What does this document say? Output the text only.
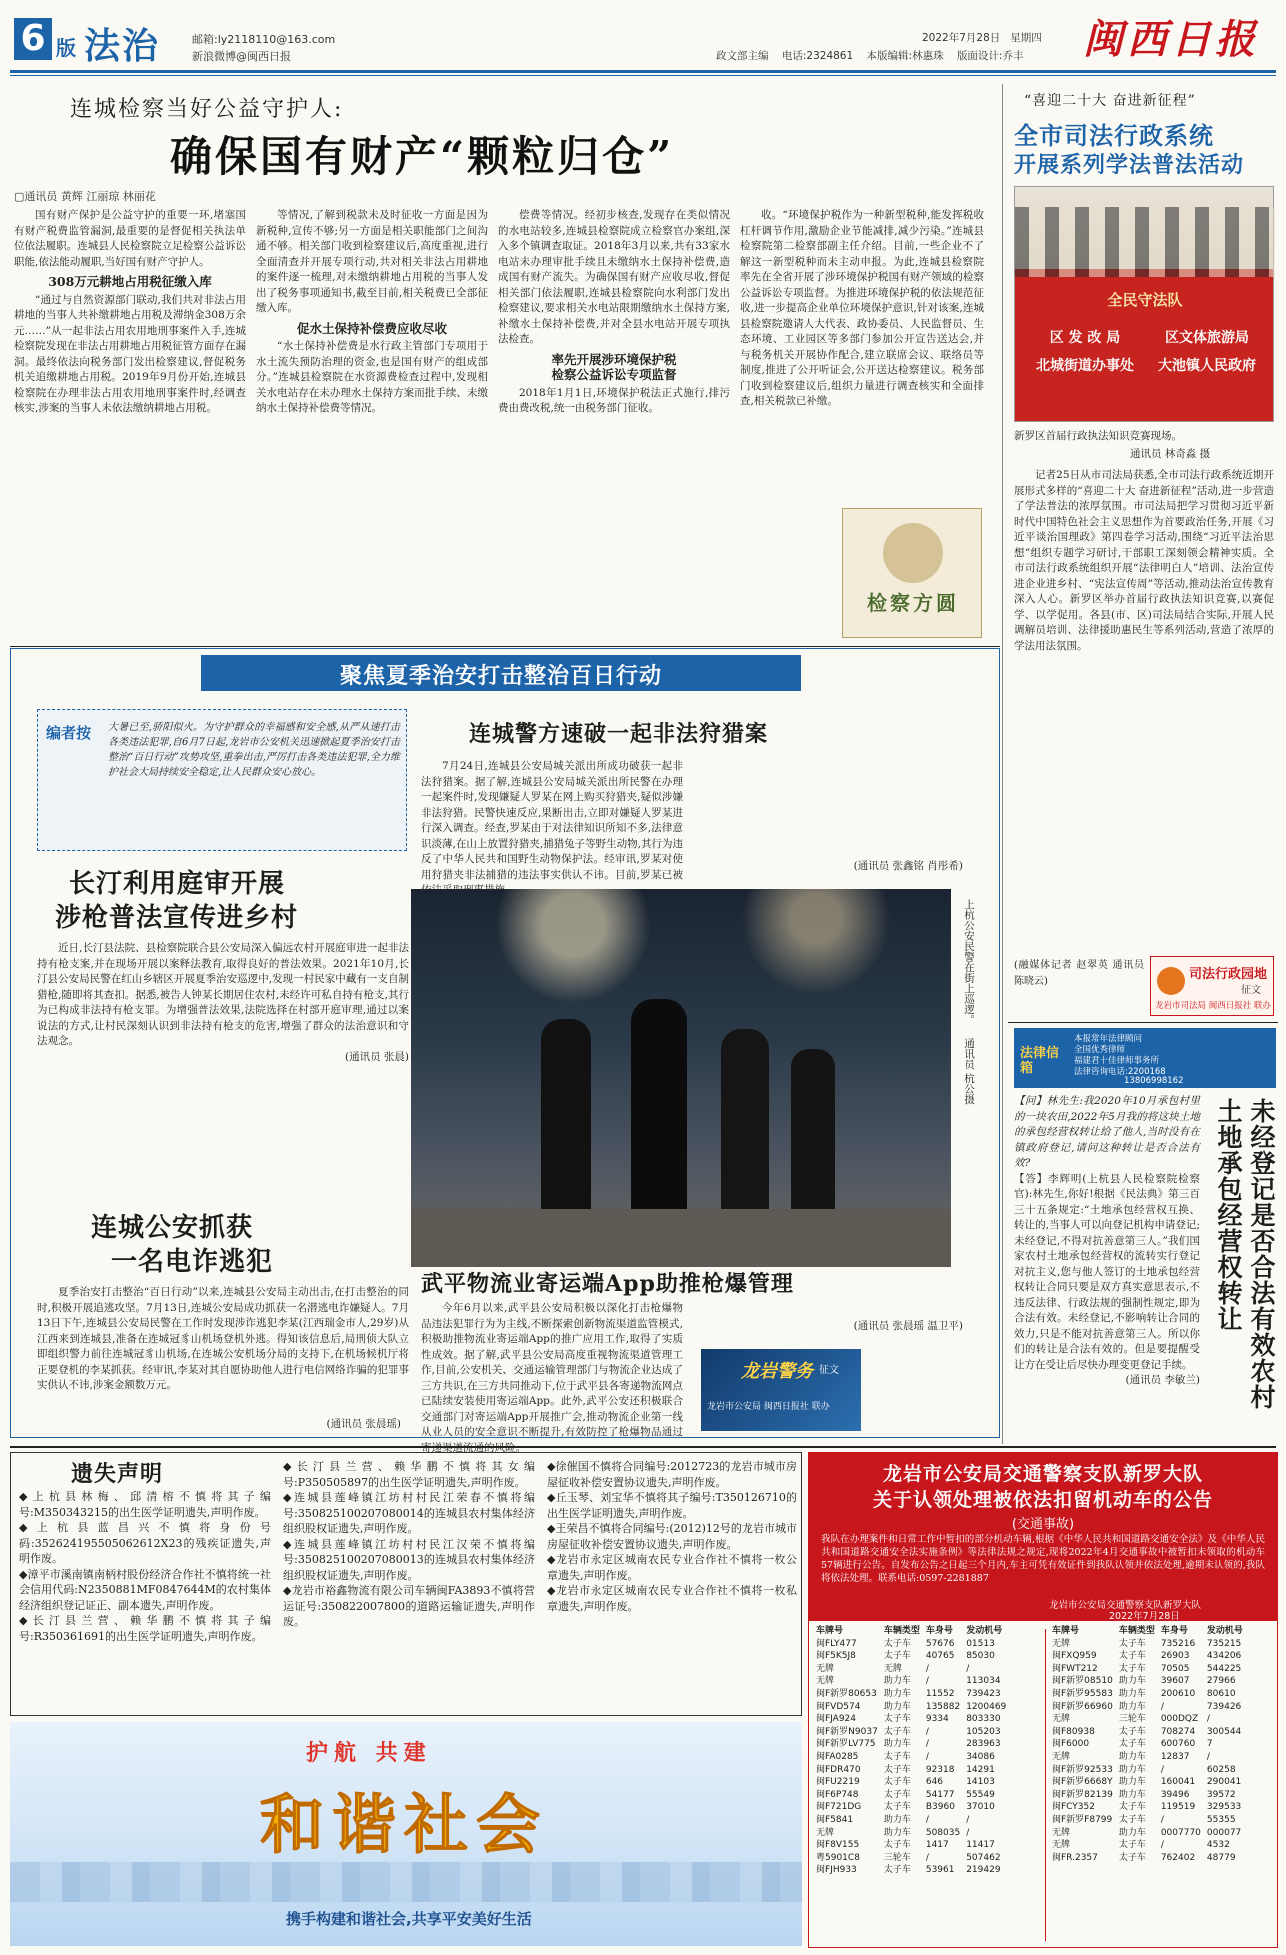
6 版 法治	邮箱:ly2118110@163.com
新浪微博@闽西日报	政文部主编 电话:2324861 本版编辑:林惠珠 版面设计:乔丰
2022年7月28日 星期四	闽西日报
连城检察当好公益守护人:
确保国有财产“颗粒归仓”
▢通讯员 黄辉 江丽琼 林丽花

国有财产保护是公益守护的重要一环,堵塞国有财产税费监管漏洞,最重要的是督促相关执法单位依法履职。连城县人民检察院立足检察公益诉讼职能,依法能动履职,当好国有财产守护人。

308万元耕地占用税征缴入库

“通过与自然资源部门联动,我们共对非法占用耕地的当事人共补缴耕地占用税及滞纳金308万余元……”从一起非法占用农用地刑事案件入手,连城检察院发现在非法占用耕地占用税征管方面存在漏洞。最终依法向税务部门发出检察建议,督促税务机关追缴耕地占用税。2019年9月份开始,连城县检察院在办理非法占用农用地刑事案件时,经调查核实,涉案的当事人未依法缴纳耕地占用税。

等情况,了解到税款未及时征收一方面是因为新税种,宣传不够;另一方面是相关职能部门之间沟通不够。相关部门收到检察建议后,高度重视,进行全面清查并开展专项行动,共对相关非法占用耕地的案件逐一梳理,对未缴纳耕地占用税的当事人发出了税务事项通知书,截至目前,相关税费已全部征缴入库。

促水土保持补偿费应收尽收

“水土保持补偿费是水行政主管部门专项用于水土流失预防治理的资金,也是国有财产的组成部分。”连城县检察院在水资源费检查过程中,发现相关水电站存在未办理水土保持方案而批手续、未缴纳水土保持补偿费等情况。

偿费等情况。经初步核查,发现存在类似情况的水电站较多,连城县检察院成立检察官办案组,深入多个镇调查取证。2018年3月以来,共有33家水电站未办理审批手续且未缴纳水土保持补偿费,造成国有财产流失。为确保国有财产应收尽收,督促相关部门依法履职,连城县检察院向水利部门发出检察建议,要求相关水电站限期缴纳水土保持方案,补缴水土保持补偿费,并对全县水电站开展专项执法检查。

率先开展涉环境保护税
检察公益诉讼专项监督

2018年1月1日,环境保护税法正式施行,排污费由费改税,统一由税务部门征收。

收。“环境保护税作为一种新型税种,能发挥税收杠杆调节作用,激励企业节能减排,减少污染。”连城县检察院第二检察部副主任介绍。目前,一些企业不了解这一新型税种而未主动申报。为此,连城县检察院率先在全省开展了涉环境保护税国有财产领域的检察公益诉讼专项监督。为推进环境保护税的依法规范征收,进一步提高企业单位环境保护意识,针对该案,连城县检察院邀请人大代表、政协委员、人民监督员、生态环境、工业园区等多部门参加公开宣告送达会,并与税务机关开展协作配合,建立联席会议、联络员等制度,推进了公开听证会,公开送达检察建议。税务部门收到检察建议后,组织力量进行调查核实和全面排查,相关税款已补缴。

检察方圆
“喜迎二十大 奋进新征程”
全市司法行政系统
开展系列学法普法活动
全民守法队
区 发 改 局
北城街道办事处
区文体旅游局
大池镇人民政府
新罗区首届行政执法知识竞赛现场。
通讯员 林奇淼 摄

记者25日从市司法局获悉,全市司法行政系统近期开展形式多样的“喜迎二十大 奋进新征程”活动,进一步营造了学法普法的浓厚氛围。市司法局把学习贯彻习近平新时代中国特色社会主义思想作为首要政治任务,开展《习近平谈治国理政》第四卷学习活动,围绕“习近平法治思想”组织专题学习研讨,干部职工深刻领会精神实质。全市司法行政系统组织开展“法律明白人”培训、法治宣传进企业进乡村、“宪法宣传周”等活动,推动法治宣传教育深入人心。新罗区举办首届行政执法知识竞赛,以赛促学、以学促用。各县(市、区)司法局结合实际,开展人民调解员培训、法律援助惠民生等系列活动,营造了浓厚的学法用法氛围。

(融媒体记者 赵翠英 通讯员 陈晓云)	司法行政园地
征文
龙岩市司法局 闽西日报社 联办
聚焦夏季治安打击整治百日行动
编者按 大暑已至,骄阳似火。为守护群众的幸福感和安全感,从严从速打击各类违法犯罪,自6月7日起,龙岩市公安机关迅速掀起夏季治安打击整治“百日行动”攻势攻坚,重拳出击,严厉打击各类违法犯罪,全力维护社会大局持续安全稳定,让人民群众安心放心。
连城警方速破一起非法狩猎案

7月24日,连城县公安局城关派出所成功破获一起非法狩猎案。据了解,连城县公安局城关派出所民警在办理一起案件时,发现嫌疑人罗某在网上购买狩猎夹,疑似涉嫌非法狩猎。民警快速反应,果断出击,立即对嫌疑人罗某进行深入调查。经查,罗某由于对法律知识所知不多,法律意识淡薄,在山上放置狩猎夹,捕猎兔子等野生动物,其行为违反了中华人民共和国野生动物保护法。经审讯,罗某对使用狩猎夹非法捕猎的违法事实供认不讳。目前,罗某已被

(通讯员 张鑫铭 肖彤希)

长汀利用庭审开展
涉枪普法宣传进乡村

近日,长汀县法院、县检察院联合县公安局深入偏远农村开展庭审进一起非法持有枪支案,并在现场开展以案释法教育,取得良好的普法效果。2021年10月,长汀县公安局民警在红山乡辖区开展夏季治安巡逻中,发现一村民家中藏有一支自制猎枪,随即将其查扣。据悉,被告人钟某长期居住农村,未经许可私自持有枪支,其行为已构成非法持有枪支罪。为增强普法效果,法院选择在村部开庭审理,通过以案说法的方式,让村民深刻认识到非法持有枪支的危害,增强了群众的法治意识和守法观念。

(通讯员 张晨)

上杭公安民警在街上巡逻。 通讯员 杭公摄
连城公安抓获
一名电诈逃犯

夏季治安打击整治“百日行动”以来,连城县公安局主动出击,在打击整治的同时,积极开展追逃攻坚。7月13日,连城公安局成功抓获一名潜逃电诈嫌疑人。7月13日下午,连城县公安局民警在工作时发现涉诈逃犯李某(江西瑞金市人,29岁)从江西来到连城县,准备在连城冠豸山机场登机外逃。得知该信息后,局刑侦大队立即组织警力前往连城冠豸山机场,在连城公安机场分局的支持下,在机场候机厅将正要登机的李某抓获。经审讯,李某对其自愿协助他人进行电信网络诈骗的犯罪事实供认不讳,涉案金额数万元。

(通讯员 张晨瑶)
武平物流业寄运端App助推枪爆管理

今年6月以来,武平县公安局积极以深化打击枪爆物品违法犯罪行为为主线,不断探索创新物流渠道监管模式,积极助推物流业寄运端App的推广应用工作,取得了实质性成效。据了解,武平县公安局高度重视物流渠道管理工作,目前,公安机关、交通运输管理部门与物流企业达成了三方共识,在三方共同推动下,位于武平县各寄递物流网点已陆续安装使用寄运端App。此外,武平公安还积极联合交通部门对寄运端App开展推广会,推动物流企业第一线从业人员的安全意识不断提升,有效防控了枪爆物品通过

(通讯员 张晨瑶 温卫平)

龙岩警务 征文
龙岩市公安局 闽西日报社 联办
法律信箱
本报常年法律顾问
全国优秀律师
福建君十佳律师事务所
法律咨询电话:2200168
13806998162

【问】林先生:我2020年10月承包村里的一块农田,2022年5月我的将这块土地的承包经营权转让给了他人,当时没有在镇政府登记,请问这种转让是否合法有效?

【答】李辉明(上杭县人民检察院检察官):林先生,你好!根据《民法典》第三百三十五条规定:“土地承包经营权互换、转让的,当事人可以向登记机构申请登记;未经登记,不得对抗善意第三人。”我们国家农村土地承包经营权的流转实行登记对抗主义,您与他人签订的土地承包经营权转让合同只要是双方真实意思表示,不违反法律、行政法规的强制性规定,即为合法有效。未经登记,不影响转让合同的效力,只是不能对抗善意第三人。所以你们的转让是合法有效的。但是要提醒受让方在受让后尽快办理变更登记手续。

(通讯员 李敏兰)	未经登记是否合法有效农村土地承包经营权转让
遗失声明

◆上杭县林梅、邱清榕不慎将其子编号:M350343215的出生医学证明遗失,声明作废。

◆上杭县蓝昌兴不慎将身份号码:352624195505062612X23的残疾证遗失,声明作废。

◆漳平市溪南镇南柄村股份经济合作社不慎将统一社会信用代码:N2350881MF0847644M的农村集体经济组织登记证正、副本遗失,声明作废。

◆长汀县兰营、赖华鹏不慎将其子编号:R350361691的出生医学证明遗失,声明作废。

◆长汀县兰营、赖华鹏不慎将其女编号:P350505897的出生医学证明遗失,声明作废。

◆连城县莲峰镇江坊村村民江荣春不慎将编号:350825100207080014的连城县农村集体经济组织股权证遗失,声明作废。

◆连城县莲峰镇江坊村村民江汉荣不慎将编号:350825100207080013的连城县农村集体经济组织股权证遗失,声明作废。

◆龙岩市裕鑫物流有限公司车辆闽FA3893不慎将营运证号:350822007800的道路运输证遗失,声明作废。

◆徐催国不慎将合同编号:2012723的龙岩市城市房屋征收补偿安置协议遗失,声明作废。

◆丘玉琴、刘宝华不慎将其子编号:T350126710的出生医学证明遗失,声明作废。

◆王荣昌不慎将合同编号:(2012)12号的龙岩市城市房屋征收补偿安置协议遗失,声明作废。

◆龙岩市永定区城南农民专业合作社不慎将一枚公章遗失,声明作废。

◆龙岩市永定区城南农民专业合作社不慎将一枚私章遗失,声明作废。

护航 共建
和谐社会
携手构建和谐社会,共享平安美好生活
龙岩市公安局交通警察支队新罗大队
关于认领处理被依法扣留机动车的公告
(交通事故)
我队在办理案件和日常工作中暂扣的部分机动车辆,根据《中华人民共和国道路交通安全法》及《中华人民共和国道路交通安全法实施条例》等法律法规之规定,现将2022年4月交通事故中被暂扣未领取的机动车57辆进行公告。自发布公告之日起三个月内,车主可凭有效证件到我队认领并依法处理,逾期未认领的,我队将依法处理。联系电话:0597-2281887
龙岩市公安局交通警察支队新罗大队
2022年7月28日
车牌号	车辆类型	车身号	发动机号
闽FLY477	太子车	57676	01513
闽F5K5J8	太子车	40765	85030
无牌	无牌	/	/
无牌	助力车	/	113034
闽F新罗80653	助力车	11552	739423
闽FVD574	助力车	135882	1200469
闽FJA924	太子车	9334	803330
闽F新罗N9037	太子车	/	105203
闽F新罗LV775	助力车	/	283963
闽FA0285	太子车	/	34086
闽FDR470	太子车	92318	14291
闽FU2219	太子车	646	14103
闽F6P748	太子车	54177	55549
闽F721DG	太子车	B3960	37010
闽F5841	助力车	/	/
无牌	助力车	508035	/
闽F8V155	太子车	1417	11417
粤5901C8	三轮车	/	507462
闽FJH933	太子车	53961	219429
车牌号	车辆类型	车身号	发动机号
无牌	太子车	735216	735215
闽FXQ959	太子车	26903	434206
闽FWT212	太子车	70505	544225
闽F新罗08510	助力车	39607	27966
闽F新罗95583	助力车	200610	80610
闽F新罗66960	助力车	/	739426
无牌	三轮车	000DQZ	/
闽F80938	太子车	708274	300544
闽F6000	太子车	600760	7
无牌	助力车	12837	/
闽F新罗92533	助力车	/	60258
闽F新罗6668Y	助力车	160041	290041
闽F新罗82139	助力车	39496	39572
闽FCY352	太子车	119519	329533
闽F新罗F8799	太子车	/	55355
无牌	助力车	0007770	000077
无牌	太子车	/	4532
闽FR.2357	太子车	762402	48779
